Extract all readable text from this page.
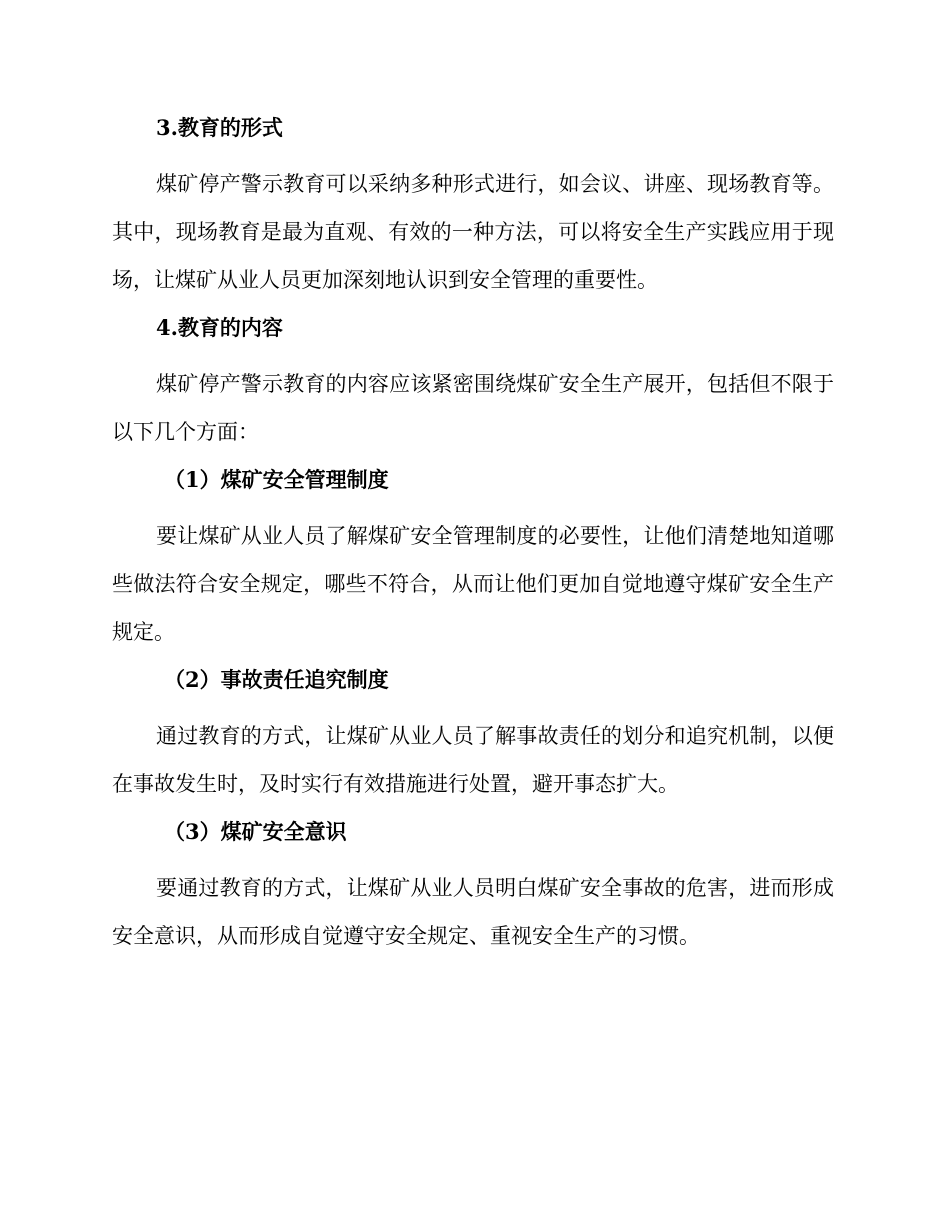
3.教育的形式

煤矿停产警示教育可以采纳多种形式进行，如会议、讲座、现场教育等。其中，现场教育是最为直观、有效的一种方法，可以将安全生产实践应用于现场，让煤矿从业人员更加深刻地认识到安全管理的重要性。

4.教育的内容

煤矿停产警示教育的内容应该紧密围绕煤矿安全生产展开，包括但不限于以下几个方面：

（1）煤矿安全管理制度

要让煤矿从业人员了解煤矿安全管理制度的必要性，让他们清楚地知道哪些做法符合安全规定，哪些不符合，从而让他们更加自觉地遵守煤矿安全生产规定。

（2）事故责任追究制度

通过教育的方式，让煤矿从业人员了解事故责任的划分和追究机制，以便在事故发生时，及时实行有效措施进行处置，避开事态扩大。

（3）煤矿安全意识

要通过教育的方式，让煤矿从业人员明白煤矿安全事故的危害，进而形成安全意识，从而形成自觉遵守安全规定、重视安全生产的习惯。
